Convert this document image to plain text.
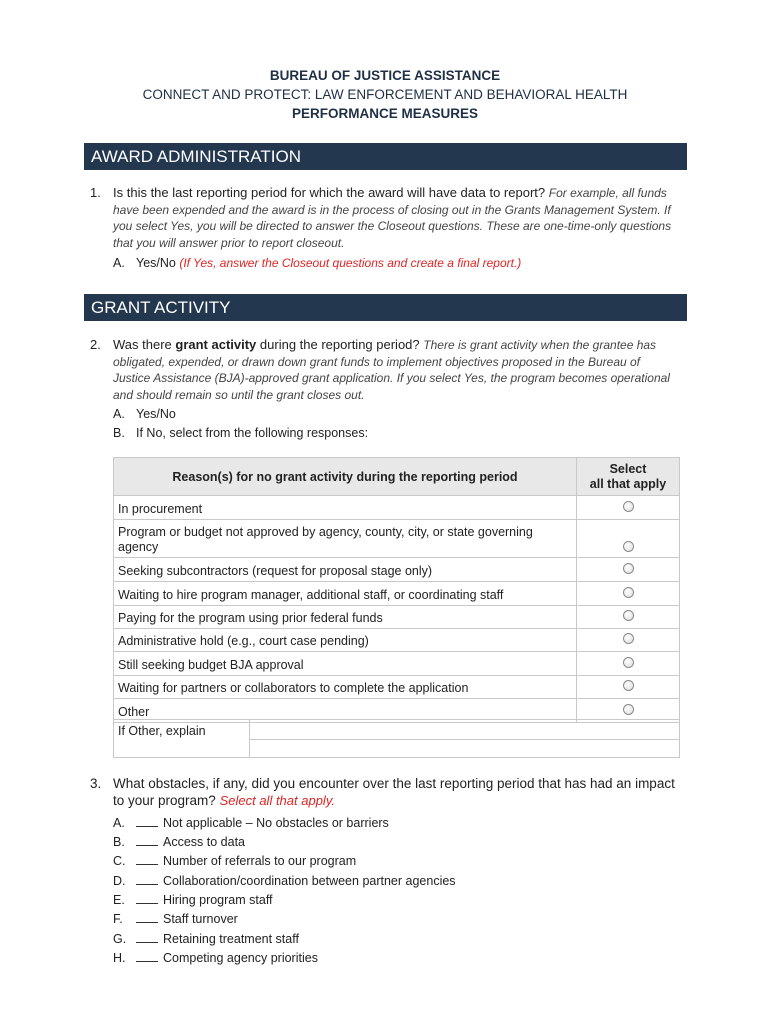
BUREAU OF JUSTICE ASSISTANCE
CONNECT AND PROTECT: LAW ENFORCEMENT AND BEHAVIORAL HEALTH
PERFORMANCE MEASURES
AWARD ADMINISTRATION
1. Is this the last reporting period for which the award will have data to report? For example, all funds have been expended and the award is in the process of closing out in the Grants Management System. If you select Yes, you will be directed to answer the Closeout questions. These are one-time-only questions that you will answer prior to report closeout.
A. Yes/No (If Yes, answer the Closeout questions and create a final report.)
GRANT ACTIVITY
2. Was there grant activity during the reporting period? There is grant activity when the grantee has obligated, expended, or drawn down grant funds to implement objectives proposed in the Bureau of Justice Assistance (BJA)-approved grant application. If you select Yes, the program becomes operational and should remain so until the grant closes out.
A. Yes/No
B. If No, select from the following responses:
Reason(s) for no grant activity during the reporting period	Select
all that apply

In procurement	
Program or budget not approved by agency, county, city, or state governing agency	
Seeking subcontractors (request for proposal stage only)	
Waiting to hire program manager, additional staff, or coordinating staff	
Paying for the program using prior federal funds	
Administrative hold (e.g., court case pending)	
Still seeking budget BJA approval	
Waiting for partners or collaborators to complete the application	
Other	
If Other, explain
3. What obstacles, if any, did you encounter over the last reporting period that has had an impact to your program? Select all that apply.
A.	Not applicable – No obstacles or barriers
B.	Access to data
C.	Number of referrals to our program
D.	Collaboration/coordination between partner agencies
E.	Hiring program staff
F.	Staff turnover
G.	Retaining treatment staff
H.	Competing agency priorities
